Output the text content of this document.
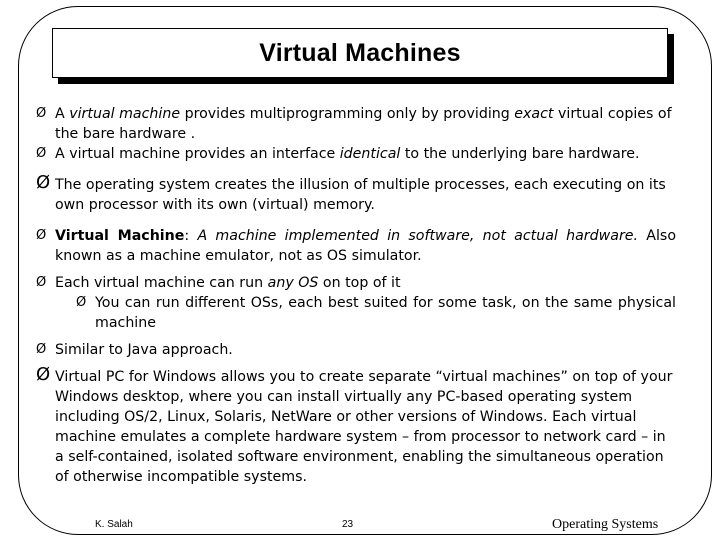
Virtual Machines

Ø A virtual machine provides multiprogramming only by providing exact virtual copies of the bare hardware .

Ø A virtual machine provides an interface identical to the underlying bare hardware.

Ø The operating system creates the illusion of multiple processes, each executing on its own processor with its own (virtual) memory.

Ø Virtual Machine: A machine implemented in software, not actual hardware. Also known as a machine emulator, not as OS simulator.

Ø Each virtual machine can run any OS on top of it

Ø You can run different OSs, each best suited for some task, on the same physical machine

Ø Similar to Java approach.

Ø Virtual PC for Windows allows you to create separate “virtual machines” on top of your Windows desktop, where you can install virtually any PC-based operating system including OS/2, Linux, Solaris, NetWare or other versions of Windows. Each virtual machine emulates a complete hardware system – from processor to network card – in a self-contained, isolated software environment, enabling the simultaneous operation of otherwise incompatible systems.

K. Salah	23	Operating Systems
